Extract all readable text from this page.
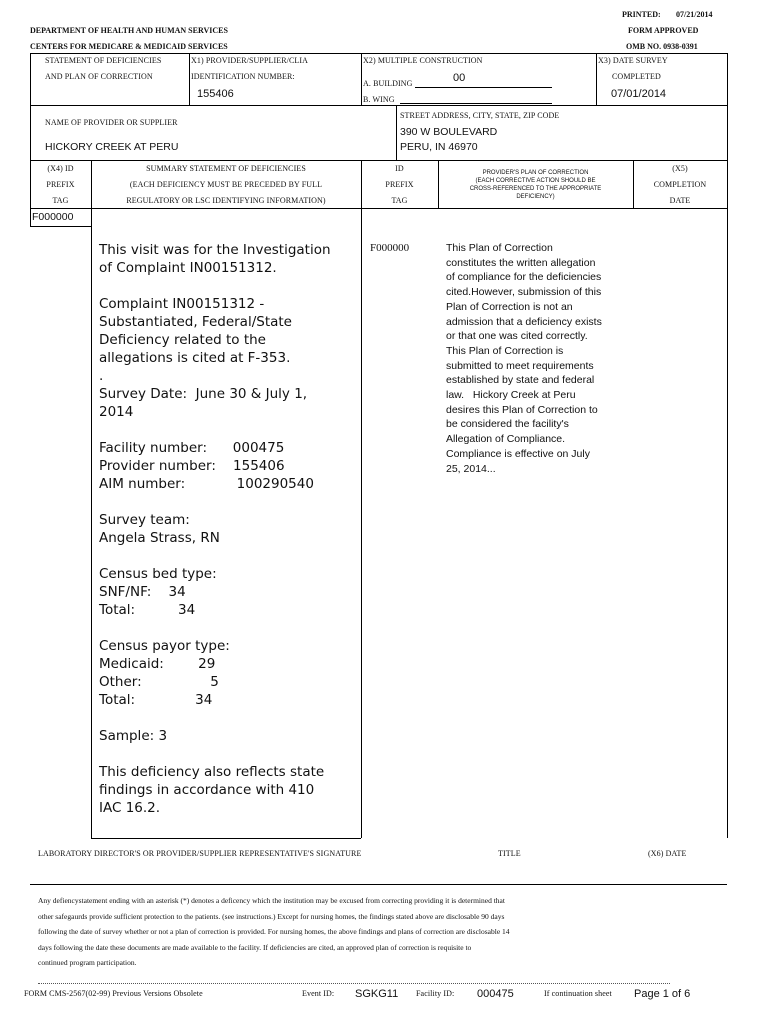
PRINTED: 07/21/2014
DEPARTMENT OF HEALTH AND HUMAN SERVICES	FORM APPROVED
CENTERS FOR MEDICARE & MEDICAID SERVICES	OMB NO. 0938-0391
STATEMENT OF DEFICIENCIES
AND PLAN OF CORRECTION
X1) PROVIDER/SUPPLIER/CLIA
IDENTIFICATION NUMBER:
155406
X2) MULTIPLE CONSTRUCTION
A. BUILDING	00
B. WING
X3) DATE SURVEY
COMPLETED
07/01/2014
NAME OF PROVIDER OR SUPPLIER
HICKORY CREEK AT PERU
STREET ADDRESS, CITY, STATE, ZIP CODE
390 W BOULEVARD
PERU, IN 46970
(X4) ID
PREFIX
TAG
SUMMARY STATEMENT OF DEFICIENCIES
(EACH DEFICIENCY MUST BE PRECEDED BY FULL
REGULATORY OR LSC IDENTIFYING INFORMATION)
ID
PREFIX
TAG
PROVIDER'S PLAN OF CORRECTION
(EACH CORRECTIVE ACTION SHOULD BE
CROSS-REFERENCED TO THE APPROPRIATE
DEFICIENCY)
(X5)
COMPLETION
DATE
F000000
This visit was for the Investigation
of Complaint IN00151312.

Complaint IN00151312 -
Substantiated, Federal/State
Deficiency related to the
allegations is cited at F-353.
.
Survey Date:  June 30 & July 1,
2014

Facility number:      000475
Provider number:    155406
AIM number:            100290540

Survey team:
Angela Strass, RN

Census bed type:
SNF/NF:    34
Total:          34

Census payor type:
Medicaid:        29
Other:                5
Total:              34

Sample: 3

This deficiency also reflects state
findings in accordance with 410
IAC 16.2.
F000000	This Plan of Correction
constitutes the written allegation
of compliance for the deficiencies
cited.However, submission of this
Plan of Correction is not an
admission that a deficiency exists
or that one was cited correctly.
This Plan of Correction is
submitted to meet requirements
established by state and federal
law.   Hickory Creek at Peru
desires this Plan of Correction to
be considered the facility's
Allegation of Compliance.
Compliance is effective on July
25, 2014...
LABORATORY DIRECTOR'S OR PROVIDER/SUPPLIER REPRESENTATIVE'S SIGNATURE	TITLE	(X6) DATE
Any defiencystatement ending with an asterisk (*) denotes a deficency which the institution may be excused from correcting providing it is determined that
other safegaurds provide sufficient protection to the patients. (see instructions.) Except for nursing homes, the findings stated above are disclosable 90 days
following the date of survey whether or not a plan of correction is provided. For nursing homes, the above findings and plans of correction are disclosable 14
days following the date these documents are made available to the facility. If deficiencies are cited, an approved plan of correction is requisite to
continued program participation.
FORM CMS-2567(02-99) Previous Versions Obsolete	Event ID: SGKG11 Facility ID: 000475	If continuation sheet Page 1 of 6
